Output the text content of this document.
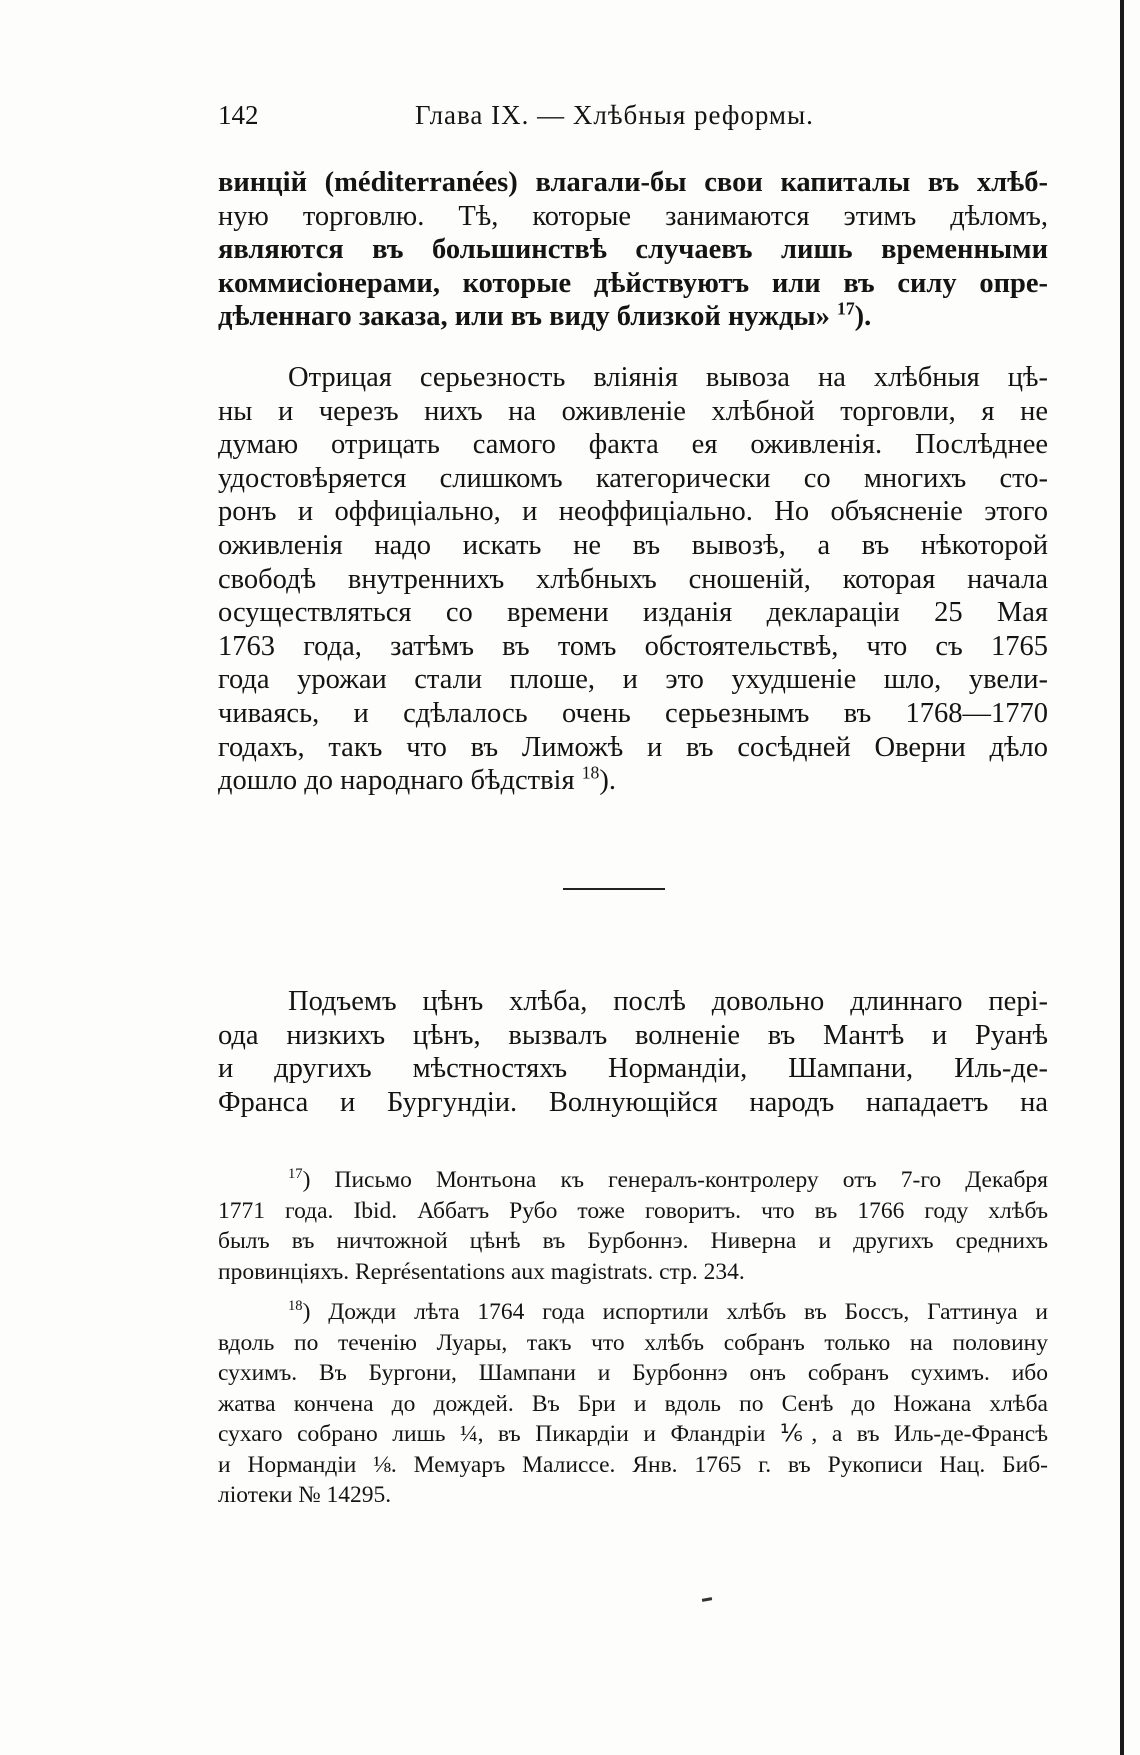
142	Глава IX. — Хлѣбныя реформы.
винцій (méditerranées) влагали-бы свои капиталы въ хлѣб-
ную торговлю. Тѣ, которые занимаются этимъ дѣломъ,
являются въ большинствѣ случаевъ лишь временными
коммисіонерами, которые дѣйствуютъ или въ силу опре-
дѣленнаго заказа, или въ виду близкой нужды» $^{17}$).
Отрицая серьезность вліянія вывоза на хлѣбныя цѣ-
ны и черезъ нихъ на оживленіе хлѣбной торговли, я не
думаю отрицать самого факта ея оживленія. Послѣднее
удостовѣряется слишкомъ категорически со многихъ сто-
ронъ и оффиціально, и неоффиціально. Но объясненіе этого
оживленія надо искать не въ вывозѣ, а въ нѣкоторой
свободѣ внутреннихъ хлѣбныхъ сношеній, которая начала
осуществляться со времени изданія деклараціи 25 Мая
1763 года, затѣмъ въ томъ обстоятельствѣ, что съ 1765
года урожаи стали плоше, и это ухудшеніе шло, увели-
чиваясь, и сдѣлалось очень серьезнымъ въ 1768—1770
годахъ, такъ что въ Лиможѣ и въ сосѣдней Оверни дѣло
дошло до народнаго бѣдствія $^{18}$).
Подъемъ цѣнъ хлѣба, послѣ довольно длиннаго пері-
ода низкихъ цѣнъ, вызвалъ волненіе въ Мантѣ и Руанѣ
и другихъ мѣстностяхъ Нормандіи, Шампани, Иль-де-
Франса и Бургундіи. Волнующійся народъ нападаетъ на
$^{17}$) Письмо Монтьона къ генералъ-контролеру отъ 7-го Декабря
1771 года. Ibid. Аббатъ Рубо тоже говоритъ. что въ 1766 году хлѣбъ
былъ въ ничтожной цѣнѣ въ Бурбоннэ. Ниверна и другихъ среднихъ
провинціяхъ. Représentations aux magistrats. стр. 234.
$^{18}$) Дожди лѣта 1764 года испортили хлѣбъ въ Боссъ, Гаттинуа и
вдоль по теченію Луары, такъ что хлѣбъ собранъ только на половину
сухимъ. Въ Бургони, Шампани и Бурбоннэ онъ собранъ сухимъ. ибо
жатва кончена до дождей. Въ Бри и вдоль по Сенѣ до Ножана хлѣба
сухаго собрано лишь ¼, въ Пикардіи и Фландріи ⅙, а въ Иль-де-Франсѣ
и Нормандіи ⅛. Мемуаръ Малиссе. Янв. 1765 г. въ Рукописи Нац. Биб-
ліотеки № 14295.
